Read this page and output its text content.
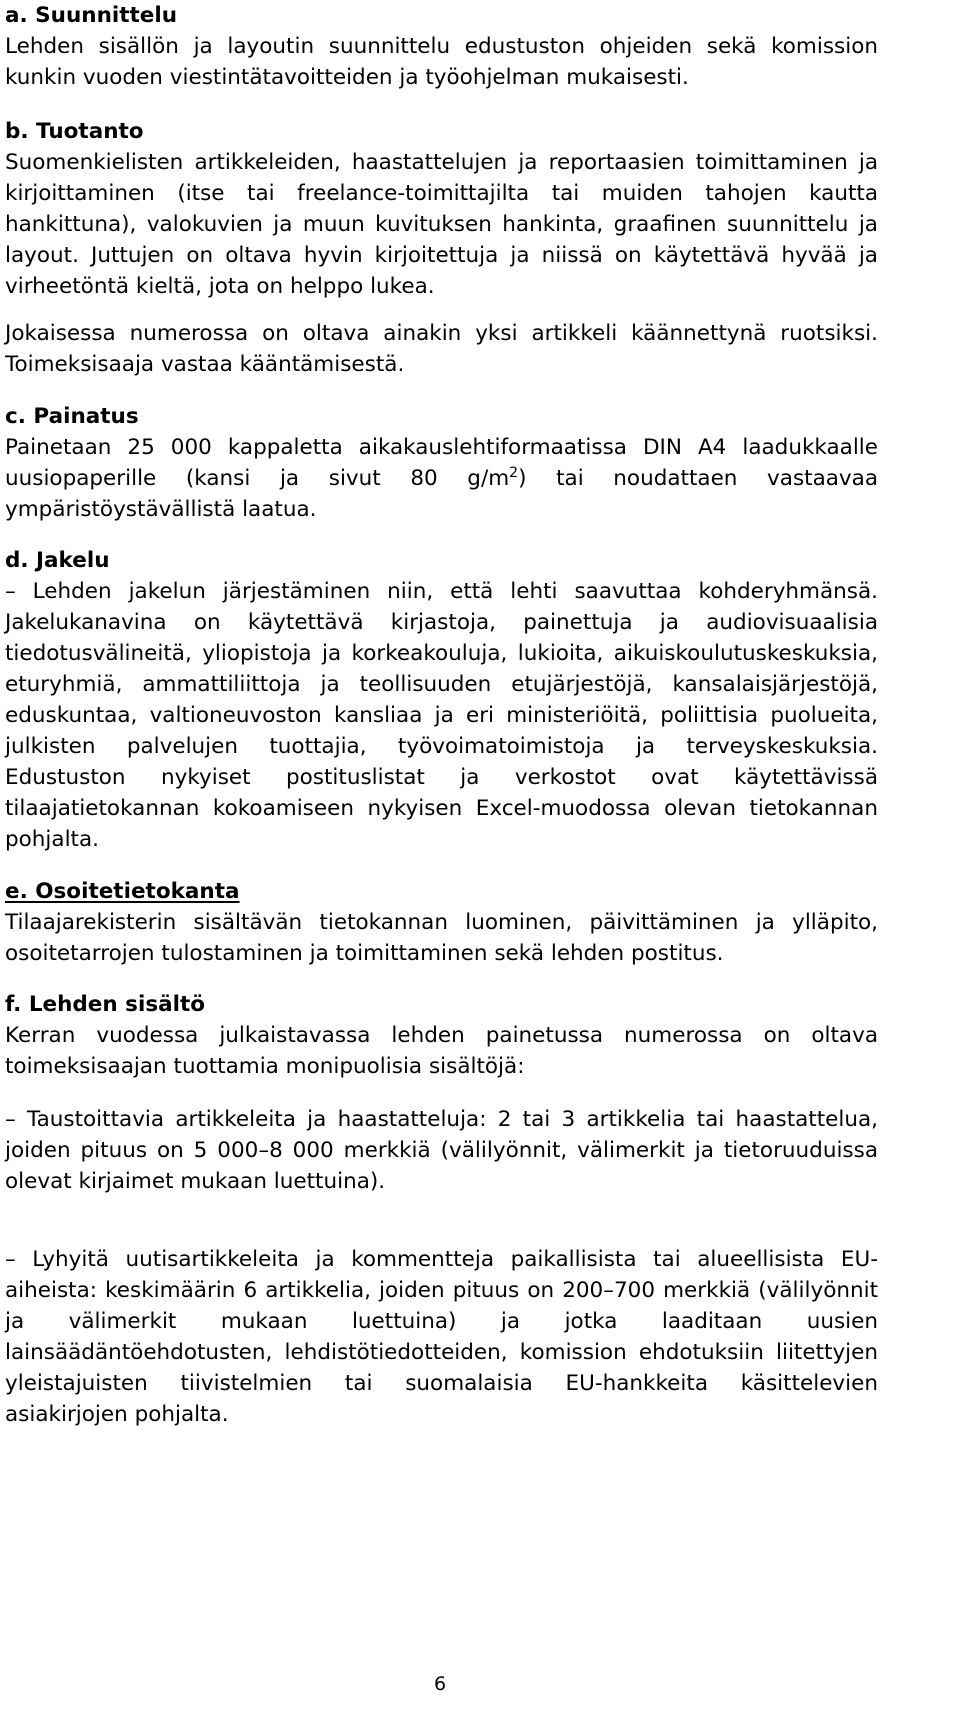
a. Suunnittelu

Lehden sisällön ja layoutin suunnittelu edustuston ohjeiden sekä komission kunkin vuoden viestintätavoitteiden ja työohjelman mukaisesti.

b. Tuotanto

Suomenkielisten artikkeleiden, haastattelujen ja reportaasien toimittaminen ja kirjoittaminen (itse tai freelance-toimittajilta tai muiden tahojen kautta hankittuna), valokuvien ja muun kuvituksen hankinta, graafinen suunnittelu ja layout. Juttujen on oltava hyvin kirjoitettuja ja niissä on käytettävä hyvää ja virheetöntä kieltä, jota on helppo lukea.

Jokaisessa numerossa on oltava ainakin yksi artikkeli käännettynä ruotsiksi. Toimeksisaaja vastaa kääntämisestä.

c. Painatus

Painetaan 25 000 kappaletta aikakauslehtiformaatissa DIN A4 laadukkaalle uusiopaperille (kansi ja sivut 80 $g/m^2$) tai noudattaen vastaavaa ympäristöystävällistä laatua.

d. Jakelu

– Lehden jakelun järjestäminen niin, että lehti saavuttaa kohderyhmänsä. Jakelukanavina on käytettävä kirjastoja, painettuja ja audiovisuaalisia tiedotusvälineitä, yliopistoja ja korkeakouluja, lukioita, aikuiskoulutuskeskuksia, eturyhmiä, ammattiliittoja ja teollisuuden etujärjestöjä, kansalaisjärjestöjä, eduskuntaa, valtioneuvoston kansliaa ja eri ministeriöitä, poliittisia puolueita, julkisten palvelujen tuottajia, työvoimatoimistoja ja terveyskeskuksia. Edustuston nykyiset postituslistat ja verkostot ovat käytettävissä tilaajatietokannan kokoamiseen nykyisen Excel-muodossa olevan tietokannan pohjalta.

e. Osoitetietokanta

Tilaajarekisterin sisältävän tietokannan luominen, päivittäminen ja ylläpito, osoitetarrojen tulostaminen ja toimittaminen sekä lehden postitus.

f. Lehden sisältö

Kerran vuodessa julkaistavassa lehden painetussa numerossa on oltava toimeksisaajan tuottamia monipuolisia sisältöjä:

– Taustoittavia artikkeleita ja haastatteluja: 2 tai 3 artikkelia tai haastattelua, joiden pituus on 5 000–8 000 merkkiä (välilyönnit, välimerkit ja tietoruuduissa olevat kirjaimet mukaan luettuina).

– Lyhyitä uutisartikkeleita ja kommentteja paikallisista tai alueellisista EU-aiheista: keskimäärin 6 artikkelia, joiden pituus on 200–700 merkkiä (välilyönnit ja välimerkit mukaan luettuina) ja jotka laaditaan uusien lainsäädäntöehdotusten, lehdistötiedotteiden, komission ehdotuksiin liitettyjen yleistajuisten tiivistelmien tai suomalaisia EU-hankkeita käsittelevien asiakirjojen pohjalta.

6
